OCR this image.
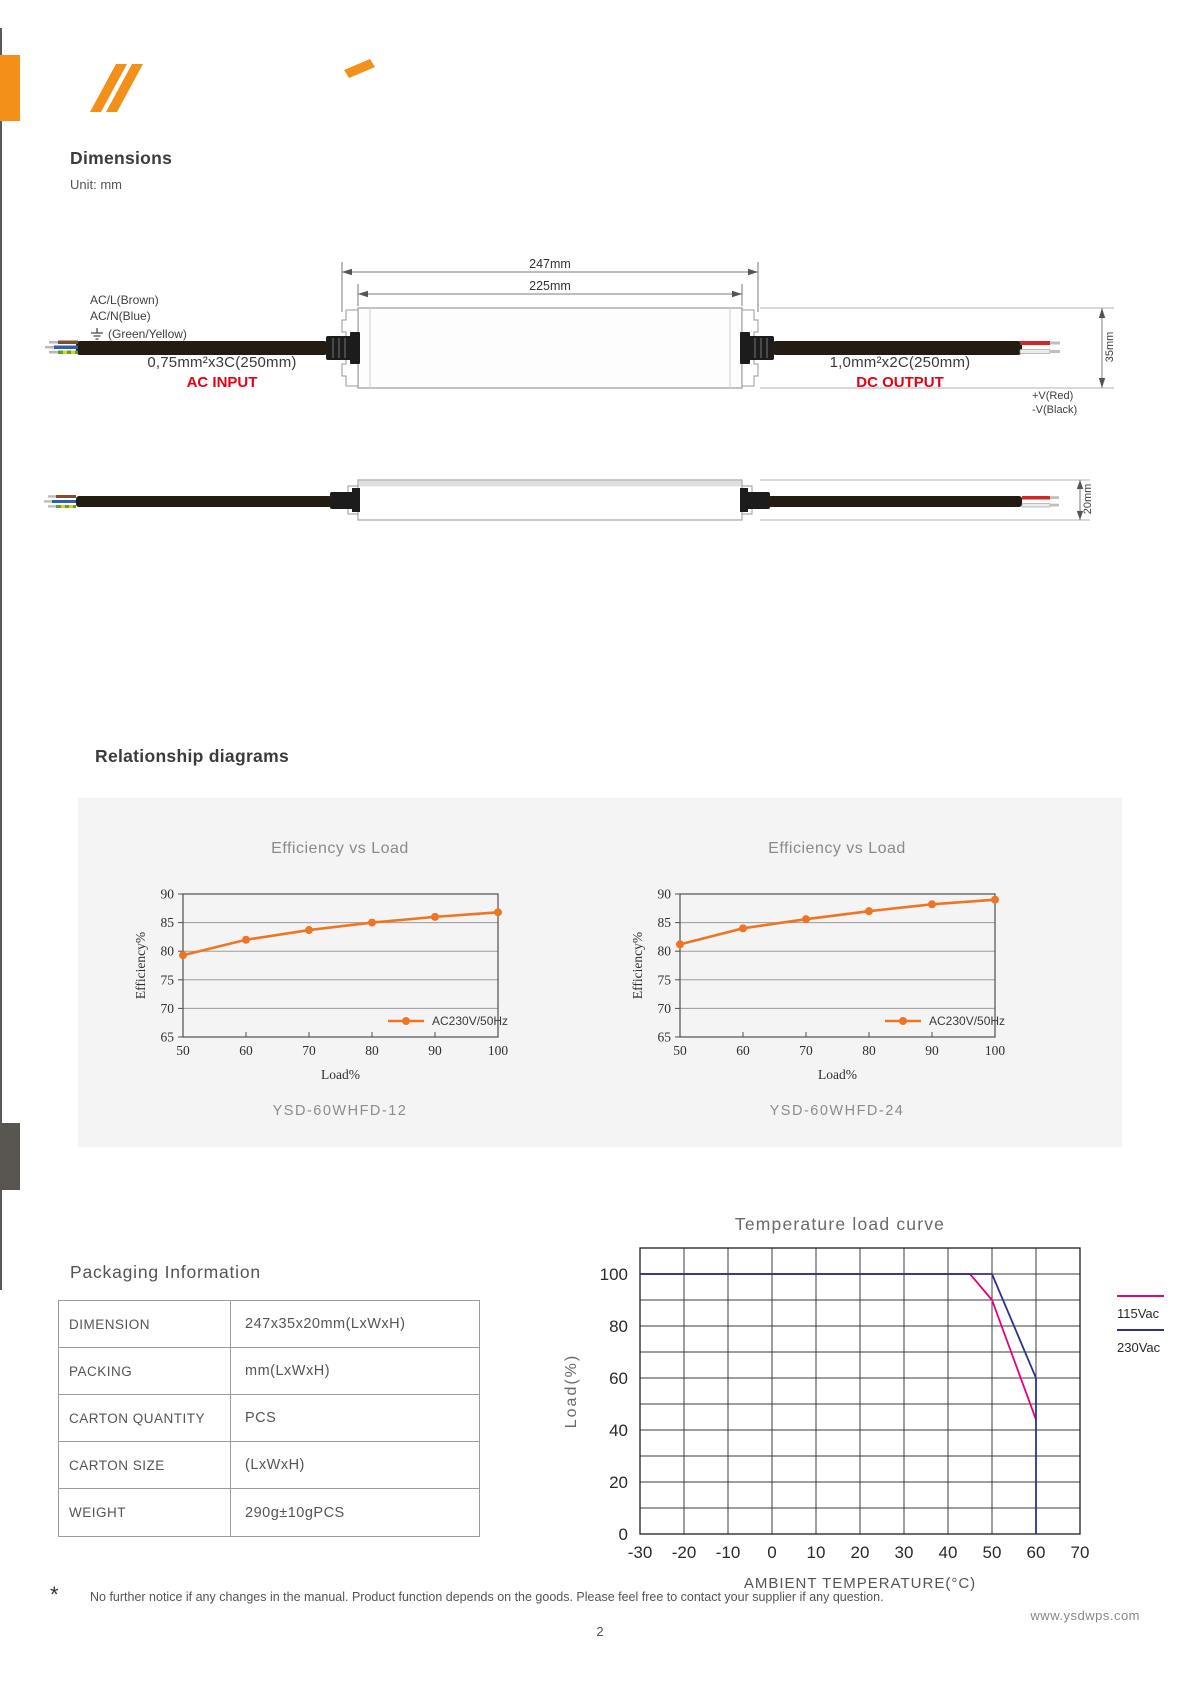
Dimensions
Unit: mm
247mm
225mm
AC/L(Brown)
AC/N(Blue)
(Green/Yellow)
0,75mm²x3C(250mm)
AC INPUT
1,0mm²x2C(250mm)
DC OUTPUT
+V(Red)
-V(Black)
35mm
20mm
Relationship diagrams
Efficiency vs Load
65
70
75
80
85
90
50	60	70	80	90	100
Load%
Efficiency%
AC230V/50Hz
YSD-60WHFD-12
Efficiency vs Load
65
70
75
80
85
90
50	60	70	80	90	100
Load%
Efficiency%
AC230V/50Hz
YSD-60WHFD-24
Temperature load curve
0
20
40
60
80
100
-30 -20 -10 0 10 20 30 40 50 60 70
Load(%)
AMBIENT TEMPERATURE(°C)
115Vac
230Vac
Packaging Information
DIMENSION	247x35x20mm(LxWxH)
PACKING	mm(LxWxH)
CARTON QUANTITY	PCS
CARTON SIZE	(LxWxH)
WEIGHT	290g±10gPCS
*	No further notice if any changes in the manual. Product function depends on the goods. Please feel free to contact your supplier if any question.
www.ysdwps.com
2
